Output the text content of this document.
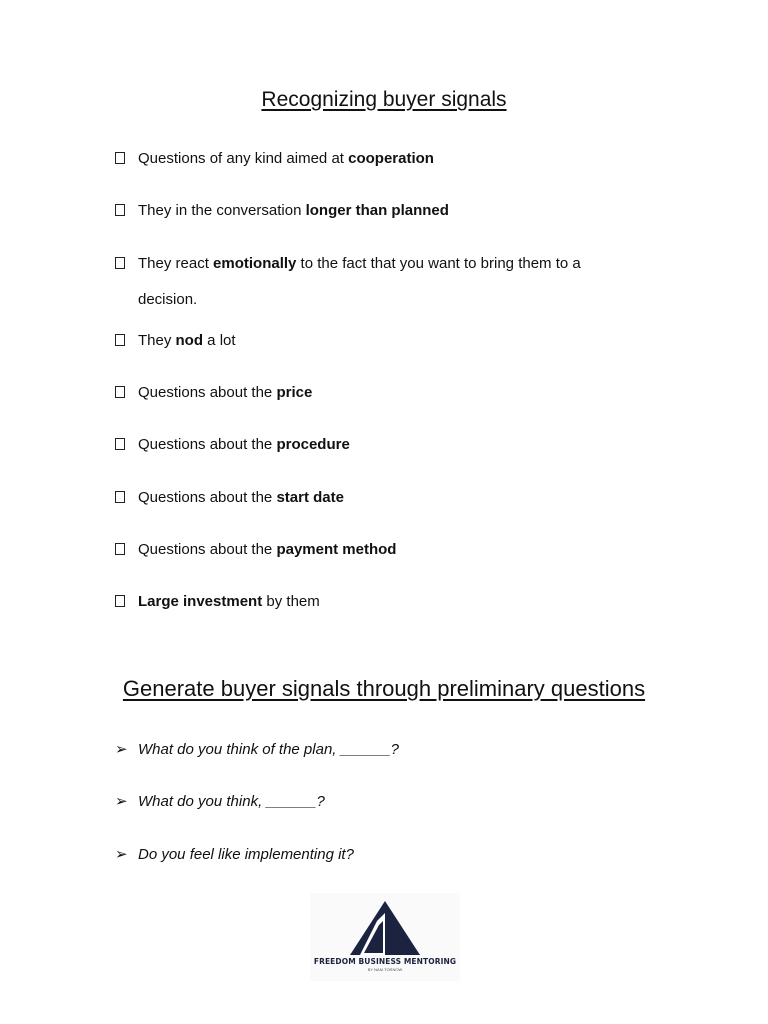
Recognizing buyer signals
Questions of any kind aimed at cooperation
They in the conversation longer than planned
They react emotionally to the fact that you want to bring them to a
decision.
They nod a lot
Questions about the price
Questions about the procedure
Questions about the start date
Questions about the payment method
Large investment by them
Generate buyer signals through preliminary questions
➢ What do you think of the plan, ______?
➢ What do you think, ______?
➢ Do you feel like implementing it?
FREEDOM BUSINESS MENTORING
BY NAM TORNOW
